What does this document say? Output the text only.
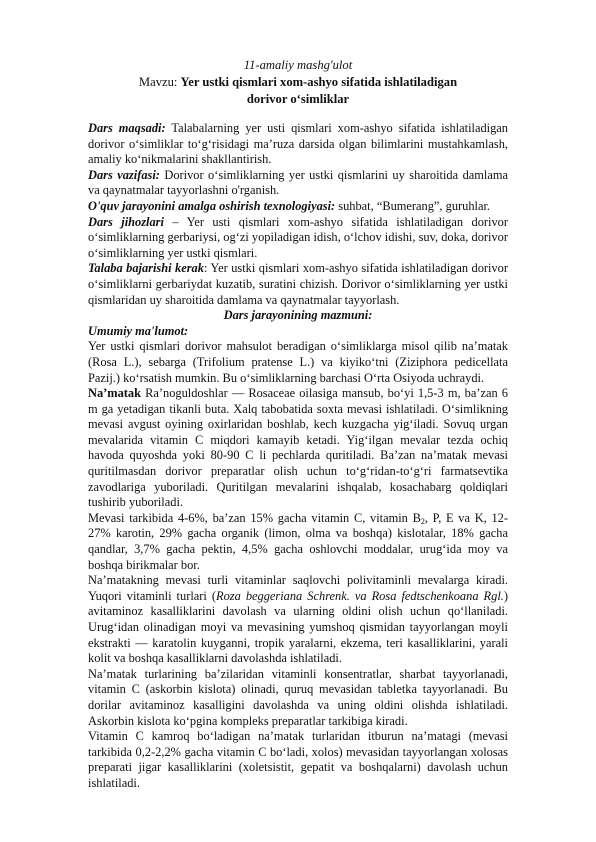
11-amaliy mashg'ulot
Mavzu: Yer ustki qismlari xom-ashyo sifatida ishlatiladigan
dorivor o‘simliklar

Dars maqsadi: Talabalarning yer usti qismlari xom-ashyo sifatida ishlatiladigan dorivor o‘simliklar to‘g‘risidagi ma’ruza darsida olgan bilimlarini mustahkamlash, amaliy ko‘nikmalarini shakllantirish.

Dars vazifasi: Dorivor o‘simliklarning yer ustki qismlarini uy sharoitida damlama va qaynatmalar tayyorlashni o'rganish.

O'quv jarayonini amalga oshirish texnologiyasi: suhbat, “Bumerang”, guruhlar.

Dars jihozlari – Yer usti qismlari xom-ashyo sifatida ishlatiladigan dorivor o‘simliklarning gerbariysi, og‘zi yopiladigan idish, o‘lchov idishi, suv, doka, dorivor o‘simliklarning yer ustki qismlari.

Talaba bajarishi kerak: Yer ustki qismlari xom-ashyo sifatida ishlatiladigan dorivor o‘simliklarni gerbariydat kuzatib, suratini chizish. Dorivor o‘simliklarning yer ustki qismlaridan uy sharoitida damlama va qaynatmalar tayyorlash.

Dars jarayonining mazmuni:

Umumiy ma'lumot:

Yer ustki qismlari dorivor mahsulot beradigan o‘simliklarga misol qilib na’matak (Rosa L.), sebarga (Trifolium pratense L.) va kiyiko‘tni (Ziziphora pedicellata Pazij.) ko‘rsatish mumkin. Bu o‘simliklarning barchasi O‘rta Osiyoda uchraydi.

Na’matak Ra’noguldoshlar — Rosaceae oilasiga mansub, bo‘yi 1,5-3 m, ba’zan 6 m ga yetadigan tikanli buta. Xalq tabobatida soxta mevasi ishlatiladi. O‘simlikning mevasi avgust oyining oxirlaridan boshlab, kech kuzgacha yig‘iladi. Sovuq urgan mevalarida vitamin C miqdori kamayib ketadi. Yig‘ilgan mevalar tezda ochiq havoda quyoshda yoki 80-90 C li pechlarda quritiladi. Ba’zan na’matak mevasi quritilmasdan dorivor preparatlar olish uchun to‘g‘ridan-to‘g‘ri farmatsevtika zavodlariga yuboriladi. Quritilgan mevalarini ishqalab, kosachabarg qoldiqlari tushirib yuboriladi.

Mevasi tarkibida 4-6%, ba’zan 15% gacha vitamin C, vitamin $B_2$, P, E va K, 12-27% karotin, 29% gacha organik (limon, olma va boshqa) kislotalar, 18% gacha qandlar, 3,7% gacha pektin, 4,5% gacha oshlovchi moddalar, urug‘ida moy va boshqa birikmalar bor.

Na’matakning mevasi turli vitaminlar saqlovchi polivitaminli mevalarga kiradi. Yuqori vitaminli turlari (Roza beggeriana Schrenk. va Rosa fedtschenkoana Rgl.) avitaminoz kasalliklarini davolash va ularning oldini olish uchun qo‘llaniladi. Urug‘idan olinadigan moyi va mevasining yumshoq qismidan tayyorlangan moyli ekstrakti — karatolin kuyganni, tropik yaralarni, ekzema, teri kasalliklarini, yarali kolit va boshqa kasalliklarni davolashda ishlatiladi.

Na’matak turlarining ba’zilaridan vitaminli konsentratlar, sharbat tayyorlanadi, vitamin C (askorbin kislota) olinadi, quruq mevasidan tabletka tayyorlanadi. Bu dorilar avitaminoz kasalligini davolashda va uning oldini olishda ishlatiladi. Askorbin kislota ko‘pgina kompleks preparatlar tarkibiga kiradi.

Vitamin C kamroq bo‘ladigan na’matak turlaridan itburun na’matagi (mevasi tarkibida 0,2-2,2% gacha vitamin C bo‘ladi, xolos) mevasidan tayyorlangan xolosas preparati jigar kasalliklarini (xoletsistit, gepatit va boshqalarni) davolash uchun ishlatiladi.
